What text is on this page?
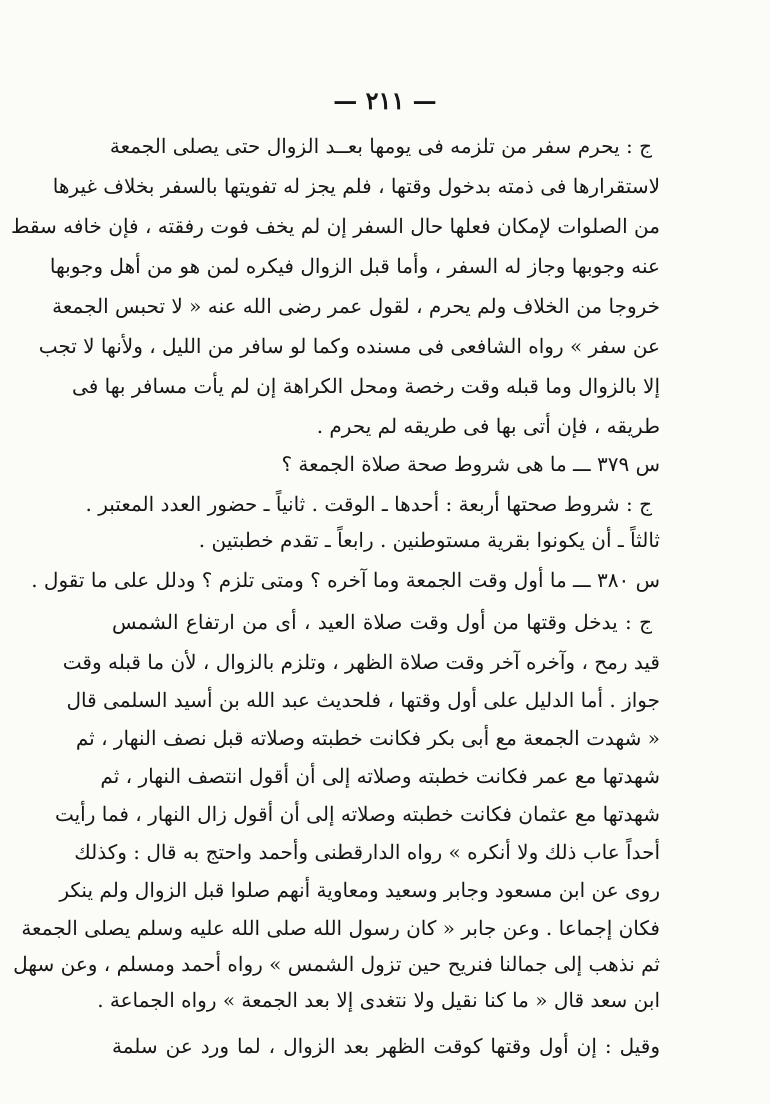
— ٢١١ —
ج : يحرم سفر من تلزمه فى يومها بعــد الزوال حتى يصلى الجمعة
لاستقرارها فى ذمته بدخول وقتها ، فلم يجز له تفويتها بالسفر بخلاف غيرها
من الصلوات لإمكان فعلها حال السفر إن لم يخف فوت رفقته ، فإن خافه سقط
عنه وجوبها وجاز له السفر ، وأما قبل الزوال فيكره لمن هو من أهل وجوبها
خروجا من الخلاف ولم يحرم ، لقول عمر رضى الله عنه « لا تحبس الجمعة
عن سفر » رواه الشافعى فى مسنده وكما لو سافر من الليل ، ولأنها لا تجب
إلا بالزوال وما قبله وقت رخصة ومحل الكراهة إن لم يأت مسافر بها فى
طريقه ، فإن أتى بها فى طريقه لم يحرم .
س ٣٧٩ ـــ ما هى شروط صحة صلاة الجمعة ؟
ج : شروط صحتها أربعة : أحدها ـ الوقت . ثانياً ـ حضور العدد المعتبر .
ثالثاً ـ أن يكونوا بقرية مستوطنين . رابعاً ـ تقدم خطبتين .
س ٣٨٠ ـــ ما أول وقت الجمعة وما آخره ؟ ومتى تلزم ؟ ودلل على ما تقول .
ج : يدخل وقتها من أول وقت صلاة العيد ، أى من ارتفاع الشمس
قيد رمح ، وآخره آخر وقت صلاة الظهر ، وتلزم بالزوال ، لأن ما قبله وقت
جواز . أما الدليل على أول وقتها ، فلحديث عبد الله بن أسيد السلمى قال
« شهدت الجمعة مع أبى بكر فكانت خطبته وصلاته قبل نصف النهار ، ثم
شهدتها مع عمر فكانت خطبته وصلاته إلى أن أقول انتصف النهار ، ثم
شهدتها مع عثمان فكانت خطبته وصلاته إلى أن أقول زال النهار ، فما رأيت
أحداً عاب ذلك ولا أنكره » رواه الدارقطنى وأحمد واحتج به قال : وكذلك
روى عن ابن مسعود وجابر وسعيد ومعاوية أنهم صلوا قبل الزوال ولم ينكر
فكان إجماعا . وعن جابر « كان رسول الله صلى الله عليه وسلم يصلى الجمعة
ثم نذهب إلى جمالنا فنريح حين تزول الشمس » رواه أحمد ومسلم ، وعن سهل
ابن سعد قال « ما كنا نقيل ولا نتغدى إلا بعد الجمعة » رواه الجماعة .
وقيل : إن أول وقتها كوقت الظهر بعد الزوال ، لما ورد عن سلمة
